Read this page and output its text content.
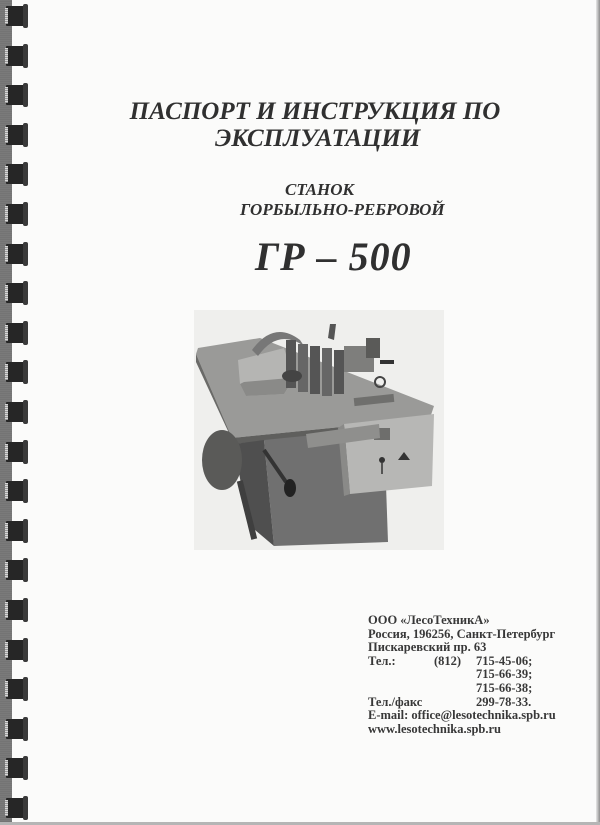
ПАСПОРТ И ИНСТРУКЦИЯ ПО
ЭКСПЛУАТАЦИИ
СТАНОК
ГОРБЫЛЬНО-РЕБРОВОЙ
ГР – 500
ООО «ЛесоТехникА»
Россия, 196256, Санкт-Петербург
Пискаревский пр. 63
Тел.:	(812)	715-45-06;
715-66-39;
715-66-38;
Тел./факс	299-78-33.
E-mail: office@lesotechnika.spb.ru
www.lesotechnika.spb.ru
